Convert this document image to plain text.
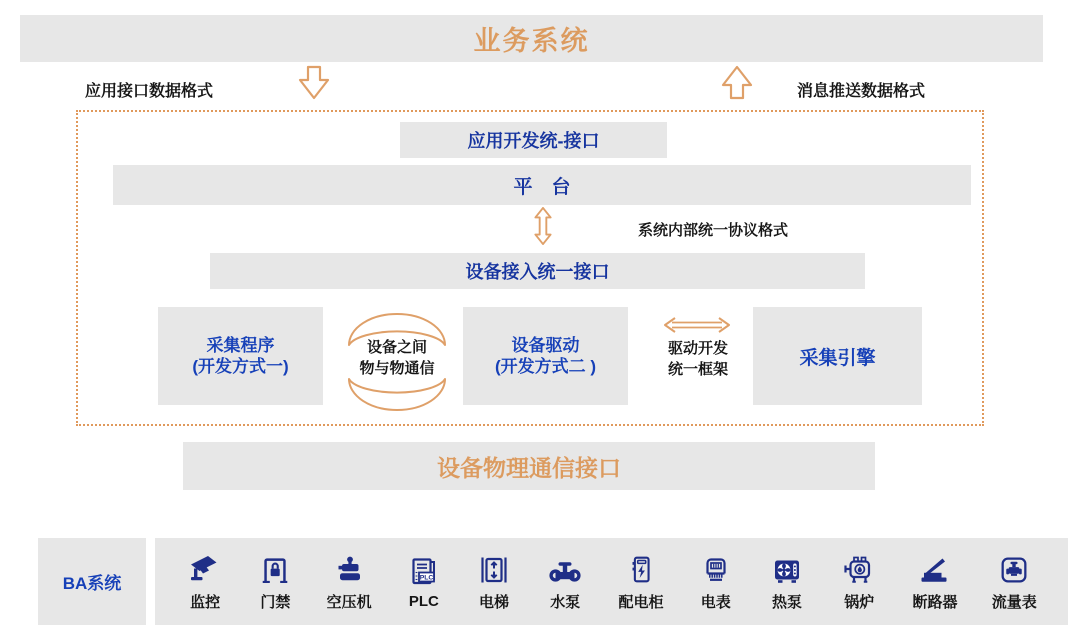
业务系统
应用接口数据格式	消息推送数据格式
应用开发统-接口
平　台
系统内部统一协议格式
设备接入统一接口
采集程序
(开发方式一)
设备之间
物与物通信
设备驱动
(开发方式二 )
驱动开发
统一框架
采集引擎
设备物理通信接口
BA系统
监控	门禁 空压机
PLC
PLC	电梯	水泵	配电柜 电表	热泵	锅炉	断路器 流量表
